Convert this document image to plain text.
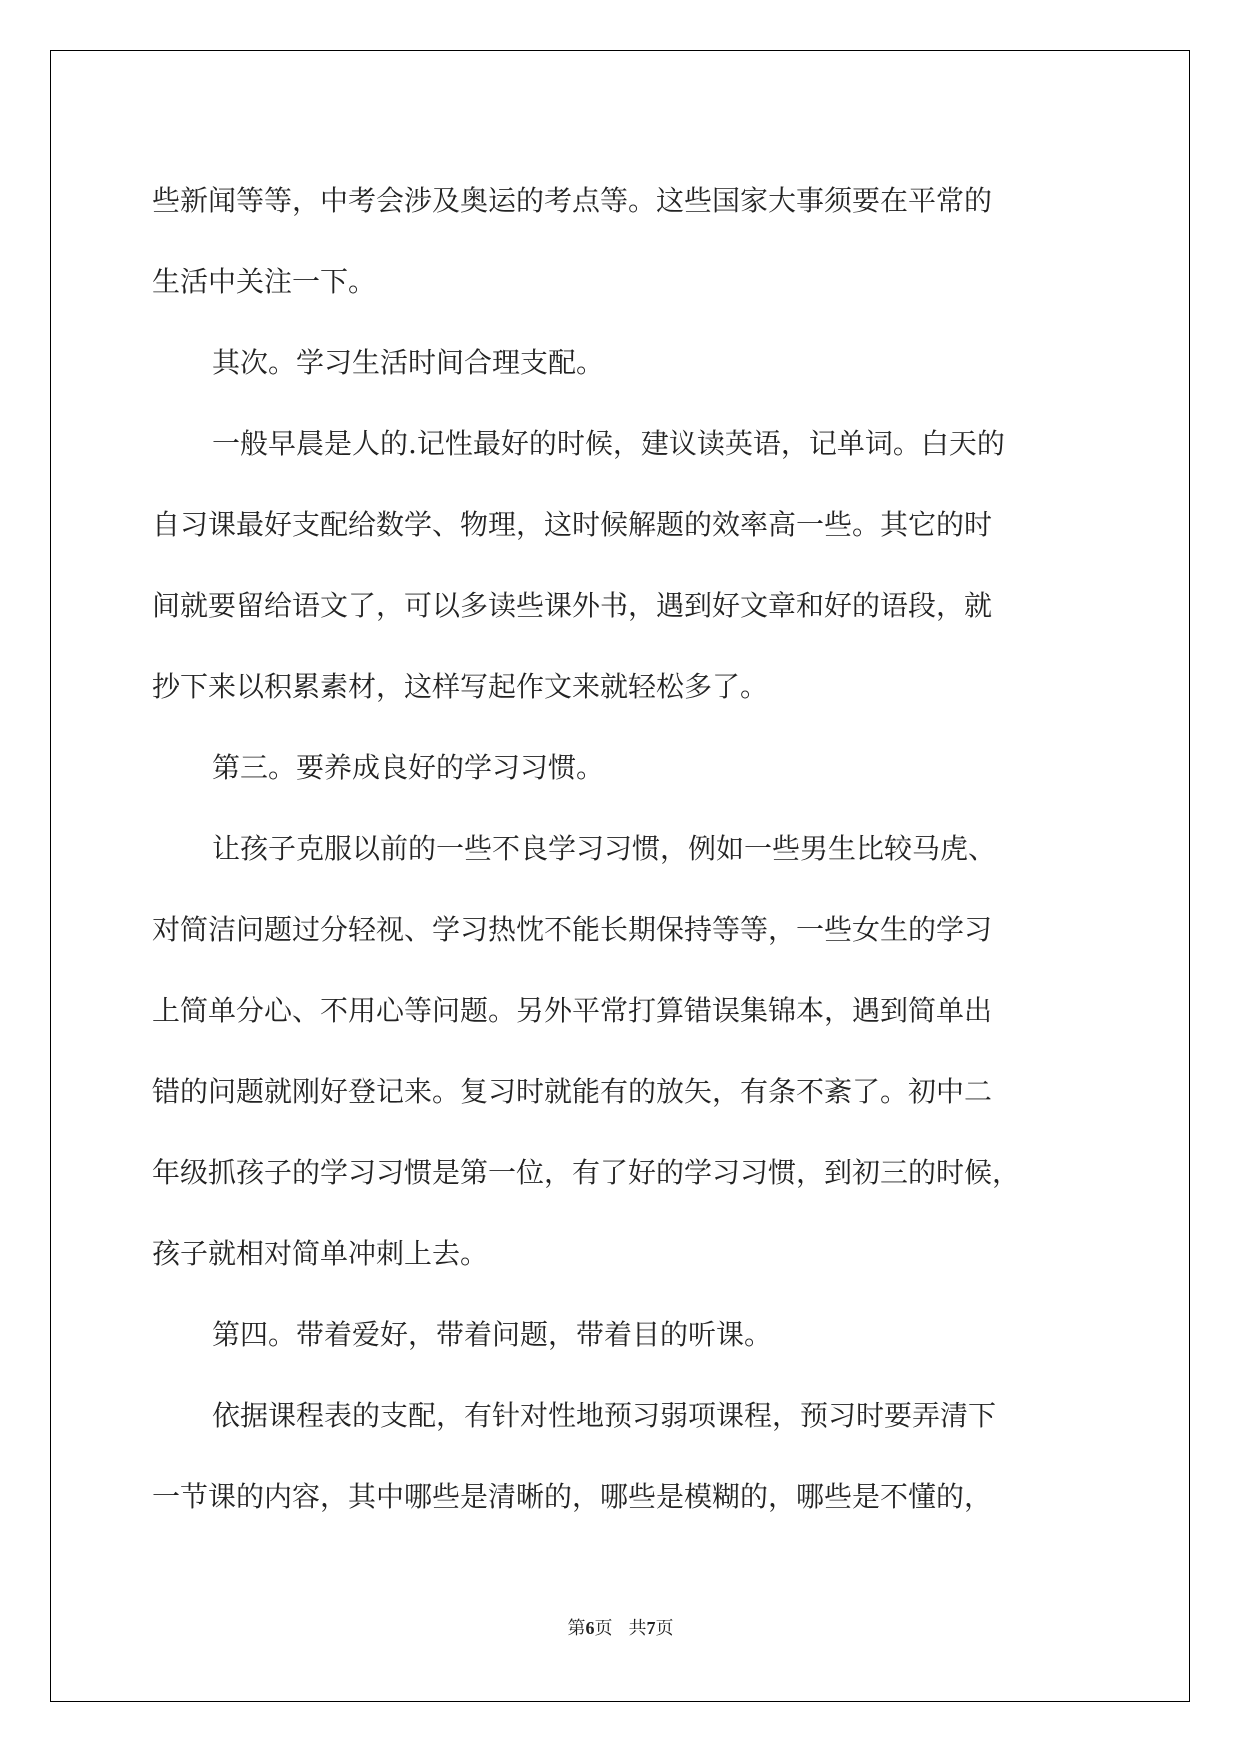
些新闻等等，中考会涉及奥运的考点等。这些国家大事须要在平常的
生活中关注一下。
其次。学习生活时间合理支配。
一般早晨是人的.记性最好的时候，建议读英语，记单词。白天的
自习课最好支配给数学、物理，这时候解题的效率高一些。其它的时
间就要留给语文了，可以多读些课外书，遇到好文章和好的语段，就
抄下来以积累素材，这样写起作文来就轻松多了。
第三。要养成良好的学习习惯。
让孩子克服以前的一些不良学习习惯，例如一些男生比较马虎、
对简洁问题过分轻视、学习热忱不能长期保持等等，一些女生的学习
上简单分心、不用心等问题。另外平常打算错误集锦本，遇到简单出
错的问题就刚好登记来。复习时就能有的放矢，有条不紊了。初中二
年级抓孩子的学习习惯是第一位，有了好的学习习惯，到初三的时候，
孩子就相对简单冲刺上去。
第四。带着爱好，带着问题，带着目的听课。
依据课程表的支配，有针对性地预习弱项课程，预习时要弄清下
一节课的内容，其中哪些是清晰的，哪些是模糊的，哪些是不懂的，
第6页 共7页
